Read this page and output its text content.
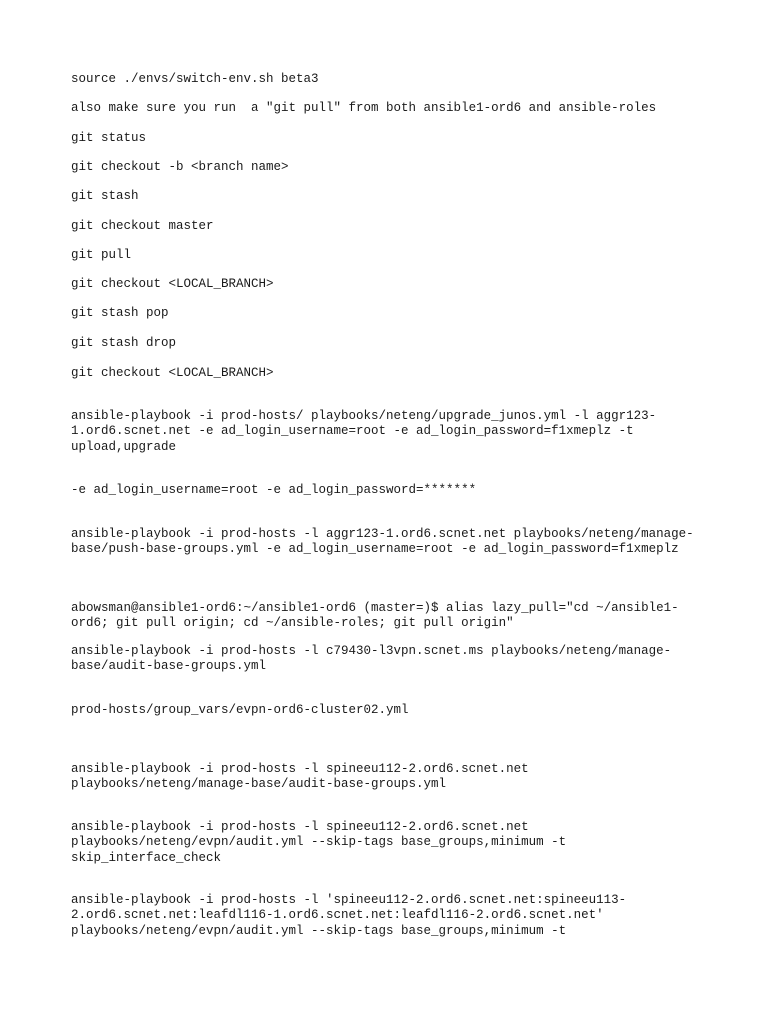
source ./envs/switch-env.sh beta3
also make sure you run  a "git pull" from both ansible1-ord6 and ansible-roles
git status
git checkout -b <branch name>
git stash
git checkout master
git pull
git checkout <LOCAL_BRANCH>
git stash pop
git stash drop
git checkout <LOCAL_BRANCH>
ansible-playbook -i prod-hosts/ playbooks/neteng/upgrade_junos.yml -l aggr123-
1.ord6.scnet.net -e ad_login_username=root -e ad_login_password=f1xmeplz -t
upload,upgrade
-e ad_login_username=root -e ad_login_password=*******
ansible-playbook -i prod-hosts -l aggr123-1.ord6.scnet.net playbooks/neteng/manage-
base/push-base-groups.yml -e ad_login_username=root -e ad_login_password=f1xmeplz
abowsman@ansible1-ord6:~/ansible1-ord6 (master=)$ alias lazy_pull="cd ~/ansible1-
ord6; git pull origin; cd ~/ansible-roles; git pull origin"
ansible-playbook -i prod-hosts -l c79430-l3vpn.scnet.ms playbooks/neteng/manage-
base/audit-base-groups.yml
prod-hosts/group_vars/evpn-ord6-cluster02.yml
ansible-playbook -i prod-hosts -l spineeu112-2.ord6.scnet.net
playbooks/neteng/manage-base/audit-base-groups.yml
ansible-playbook -i prod-hosts -l spineeu112-2.ord6.scnet.net
playbooks/neteng/evpn/audit.yml --skip-tags base_groups,minimum -t
skip_interface_check
ansible-playbook -i prod-hosts -l 'spineeu112-2.ord6.scnet.net:spineeu113-
2.ord6.scnet.net:leafdl116-1.ord6.scnet.net:leafdl116-2.ord6.scnet.net'
playbooks/neteng/evpn/audit.yml --skip-tags base_groups,minimum -t
